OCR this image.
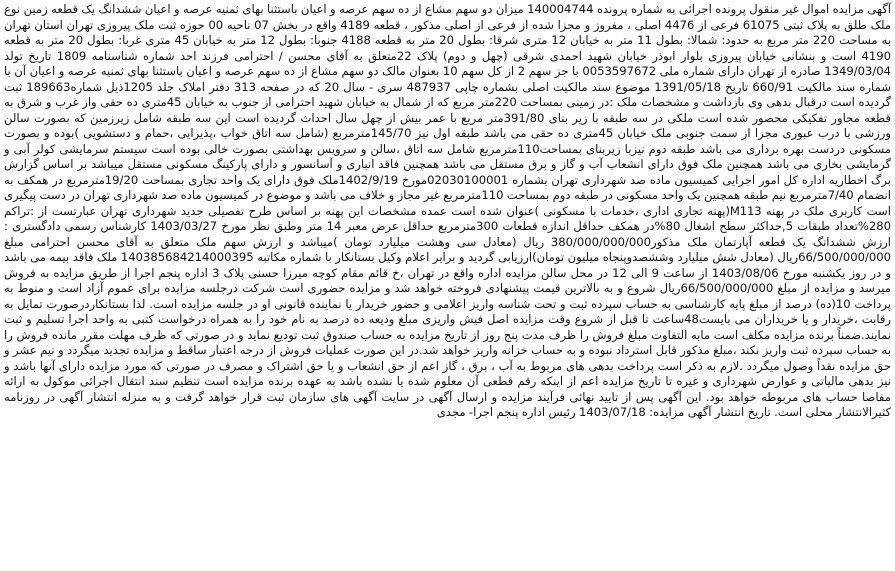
آگهی مزایده اموال غیر منقول پرونده اجرائی به شماره پرونده 140004744 میزان دو سهم مشاع از ده سهم عرصه و اعیان باستثنا بهای ثمنیه عرصه و اعیان ششدانگ یک قطعه زمین نوع ملک طلق به پلاک ثبتی 61075 فرعی از 4476 اصلی ، مفروز و مجزا شده از فرعی از اصلی مذکور ، قطعه 4189 واقع در بخش 07 ناحیه 00 حوزه ثبت ملک پیروزی تهران استان تهران به مساحت 220 متر مربع به حدود: شمالا: بطول 11 متر به خیابان 12 متری شرقا: بطول 20 متر به قطعه 4188 جنوبا: بطول 12 متر به خیابان 45 متری غربا: بطول 20 متر به قطعه 4190 است و بنشانی خیابان پیروزی بلوار ابوذر خیابان شهید احمدی شرقی (چهل و دوم) پلاک 22متعلق به آقای محسن / احترامی فرزند احد شماره شناسنامه 1809 تاریخ تولد 1349/03/04 صادره از تهران دارای شماره ملی 0053597672 با جز سهم 2 از کل سهم 10 بعنوان مالک دو سهم مشاع از ده سهم عرصه و اعیان باستثنا بهای ثمنیه عرصه و اعیان آن با شماره سند مالکیت 660/91 تاریخ 1391/05/18 موضوع سند مالکیت اصلی بشماره چاپی 487937 سری - سال 20 که در صفحه 313 دفتر املاک جلد 1205ذیل شماره189663 ثبت گردیده است درقبال بدهی وی بازداشت و مشخصات ملک :در زمینی بمساحت 220متر مربع که از شمال به خیابان شهید احترامی از جنوب به خیابان 45متری ده حقی واز غرب و شرق به قطعه مجاور تفکیکی محصور شده است ملکی در سه طبقه با زیر بنای 391/80متر مربع با عمر بیش از چهل سال احداث گردیده است این سه طبقه شامل زیرزمین که بصورت سالن ورزشی با درب عبوری مجزا از سمت جنوبی ملک خیابان 45متری ده حقی می باشد طبقه اول نیز 145/70مترمربع (شامل سه اتاق خواب ،پذیرایی ،حمام و دستشویی )بوده و بصورت مسکونی دردست بهره برداری می باشد طبقه دوم نیزبا زیربنای بمساحت110مترمربع شامل سه اتاق ،سالن و سرویس بهداشتی بصورت خالی بوده است سیستم سرمایشی کولر آبی و گرمایشی بخاری می باشد همچنین ملک فوق دارای انشعاب آب و گاز و برق مستقل می باشد همچنین فاقد انباری و آسانسور و دارای پارکینگ مسکونی مستقل میباشد بر اساس گزارش برگ اخطاریه اداره کل امور اجرایی کمیسیون ماده صد شهرداری تهران بشماره 02030100001مورخ 1402/9/19ملک فوق دارای یک واحد تجاری بمساحت 19/20مترمربع در همکف به انضمام 7/40مترمربع نیم طبقه همچنین یک واحد مسکونی در طبقه دوم بمساحت 110مترمربع غیر مجاز و خلاف می باشد و موضوع در کمیسیون ماده صد شهرداری تهران در دست پیگیری است کاربری ملک در پهنه M113(پهنه تجاری اداری ،خدمات با مسکونی )عنوان شده است عمده مشخصات این پهنه بر اساس طرح تفصیلی جدید شهرداری تهران عبارتست از :تراکم 280%تعداد طبقات 5,حداکثر سطح اشغال 80%در همکف حداقل اندازه قطعات 300مترمربع حداقل عرض معبر 14 متر وطبق نظر مورخ 1403/03/27 کارشناس رسمی دادگستری : ارزش ششدانگ یک قطعه آپارتمان ملک مذکور380/000/000/000 ریال (معادل سی وهشت میلیارد تومان )میباشد و ارزش سهم ملک متعلق به آقای محسن احترامی مبلغ 66/500/000/000ریال (معادل شش میلیارد وششصدوپنجاه میلیون تومان)ارزیابی گردید و برابر اعلام وکیل بستانکار با شماره مکاتبه 140385684214000395 ملک فاقد بیمه می باشد و در روز یکشنبه مورخ 1403/08/06 از ساعت 9 الی 12 در محل سالن مزایده اداره واقع در تهران ،خ قائم مقام کوچه میرزا حسنی پلاک 3 اداره پنجم اجرا از طریق مزایده به فروش میرسد و مزایده از مبلغ 66/500/000/000ریال شروع و به بالاترین قیمت پیشنهادی فروخته خواهد شد و مزایده حضوری است شرکت درجلسه مزایده برای عموم آزاد است و منوط به پرداخت 10(ده) درصد از مبلغ پایه کارشناسی به حساب سپرده ثبت و تحت شناسه واریز اعلامی و حضور خریدار یا نماینده قانونی او در جلسه مزایده است. لذا بستانکاردرصورت تمایل به رقابت ،خریدار و یا خریداران می بایست48ساعت تا قبل از شروع وقت مزایده اصل فیش واریزی مبلغ ودیعه ده درصد به نام خود را به همراه درخواست کتبی به واحد اجرا تسلیم و ثبت نمایند.ضمناً برنده مزایده مکلف است مابه التفاوت مبلغ فروش را ظرف مدت پنج روز از تاریخ مزایده به حساب صندوق ثبت تودیع نماید و در صورتی که ظرف مهلت مقرر مانده فروش را به حساب سپرده ثبت واریز نکند ،مبلغ مذکور قابل استرداد نبوده و به حساب خزانه واریز خواهد شد.در این صورت عملیات فروش از درجه اعتبار ساقط و مزایده تجدید میگردد و نیم عشر و حق مزایده نقداً وصول میگردد .لازم به ذکر است پرداخت بدهی های مربوط به آب ، برق ، گاز اعم از حق انشعاب و یا حق اشتراک و مصرف در صورتی که مورد مزایده دارای آنها باشد و نیز بدهی مالیاتی و عوارض شهرداری و غیره تا تاریخ مزایده اعم از اینکه رقم قطعی آن معلوم شده یا نشده باشد به عهده برنده مزایده است تنظیم سند انتقال اجرائی موکول به ارائه مفاصا حساب های مربوطه خواهد بود. این آگهی پس از تایید نهائی فرآیند مزایده و ارسال آگهی در سایت آگهی های سازمان ثبت قرار خواهد گرفت و به منزله انتشار آگهی در روزنامه کثیرالانتشار محلی است. تاریخ انتشار آگهی مزایده: 1403/07/18 رئیس اداره پنجم اجرا- مجدی
